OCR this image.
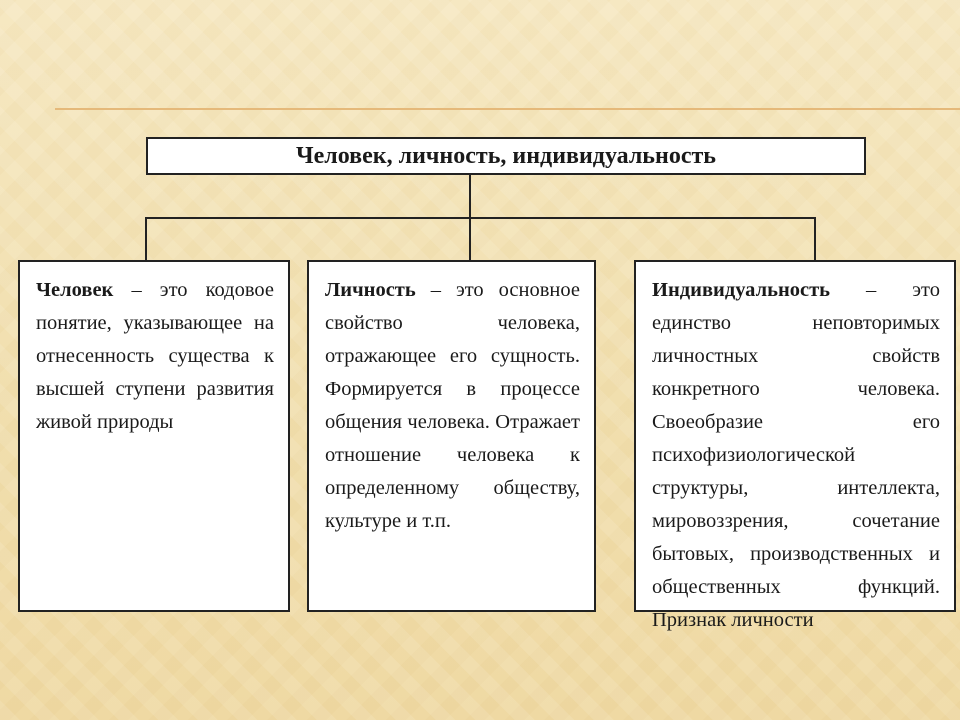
Человек, личность, индивидуальность
Человек – это кодовое понятие, указывающее на отнесенность существа к высшей ступени развития живой природы
Личность – это основное свойство человека, отражающее его сущность. Формируется в процессе общения человека. Отражает отношение человека к определенному обществу, культуре и т.п.
Индивидуальность – это единство неповторимых личностных свойств конкретного человека. Своеобразие его психофизиологической структуры, интеллекта, мировоззрения, сочетание бытовых, производственных и общественных функций. Признак личности
